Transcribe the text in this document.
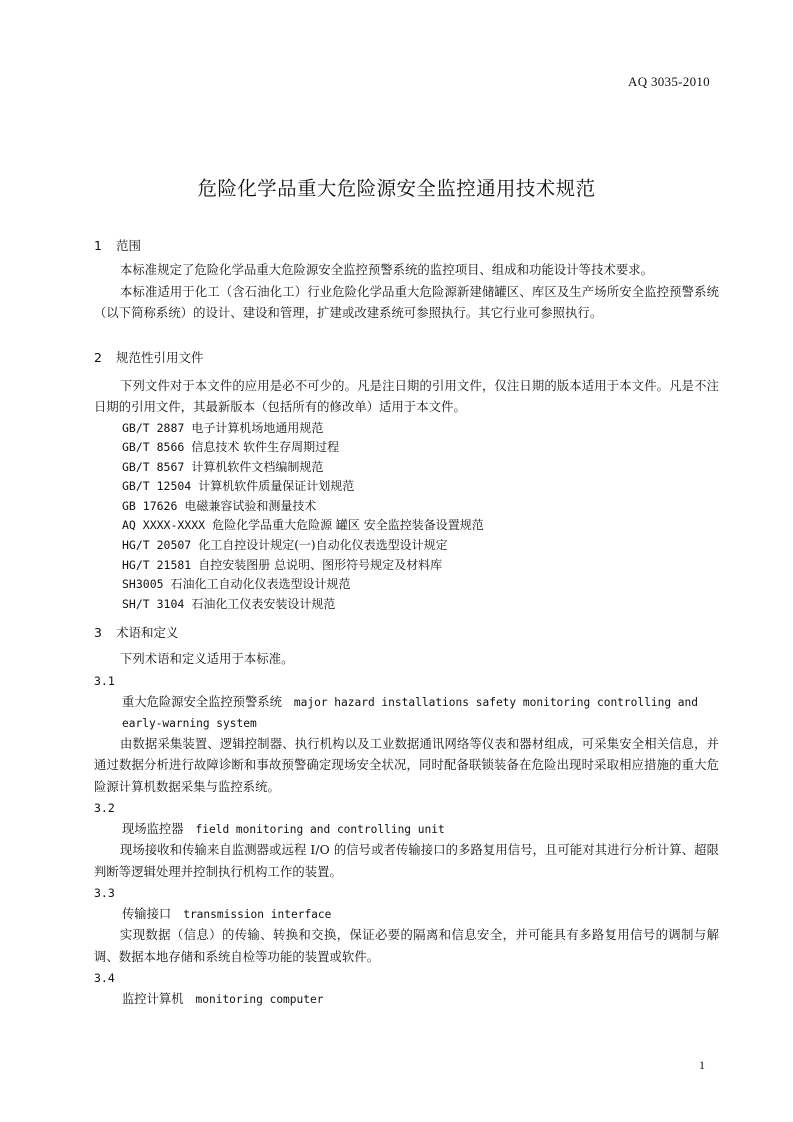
AQ 3035-2010
危险化学品重大危险源安全监控通用技术规范
1 范围
本标准规定了危险化学品重大危险源安全监控预警系统的监控项目、组成和功能设计等技术要求。
本标准适用于化工（含石油化工）行业危险化学品重大危险源新建储罐区、库区及生产场所安全监控预警系统（以下简称系统）的设计、建设和管理，扩建或改建系统可参照执行。其它行业可参照执行。
2 规范性引用文件
下列文件对于本文件的应用是必不可少的。凡是注日期的引用文件，仅注日期的版本适用于本文件。凡是不注日期的引用文件，其最新版本（包括所有的修改单）适用于本文件。
GB/T 2887 电子计算机场地通用规范
GB/T 8566 信息技术 软件生存周期过程
GB/T 8567 计算机软件文档编制规范
GB/T 12504 计算机软件质量保证计划规范
GB 17626 电磁兼容试验和测量技术
AQ XXXX-XXXX 危险化学品重大危险源 罐区 安全监控装备设置规范
HG/T 20507 化工自控设计规定(一)自动化仪表选型设计规定
HG/T 21581 自控安装图册 总说明、图形符号规定及材料库
SH3005 石油化工自动化仪表选型设计规范
SH/T 3104 石油化工仪表安装设计规范
3 术语和定义
下列术语和定义适用于本标准。
3.1
重大危险源安全监控预警系统 major hazard installations safety monitoring controlling and early-warning system
由数据采集装置、逻辑控制器、执行机构以及工业数据通讯网络等仪表和器材组成，可采集安全相关信息，并通过数据分析进行故障诊断和事故预警确定现场安全状况，同时配备联锁装备在危险出现时采取相应措施的重大危险源计算机数据采集与监控系统。
3.2
现场监控器 field monitoring and controlling unit
现场接收和传输来自监测器或远程 I/O 的信号或者传输接口的多路复用信号，且可能对其进行分析计算、超限判断等逻辑处理并控制执行机构工作的装置。
3.3
传输接口 transmission interface
实现数据（信息）的传输、转换和交换，保证必要的隔离和信息安全，并可能具有多路复用信号的调制与解调、数据本地存储和系统自检等功能的装置或软件。
3.4
监控计算机 monitoring computer
1
